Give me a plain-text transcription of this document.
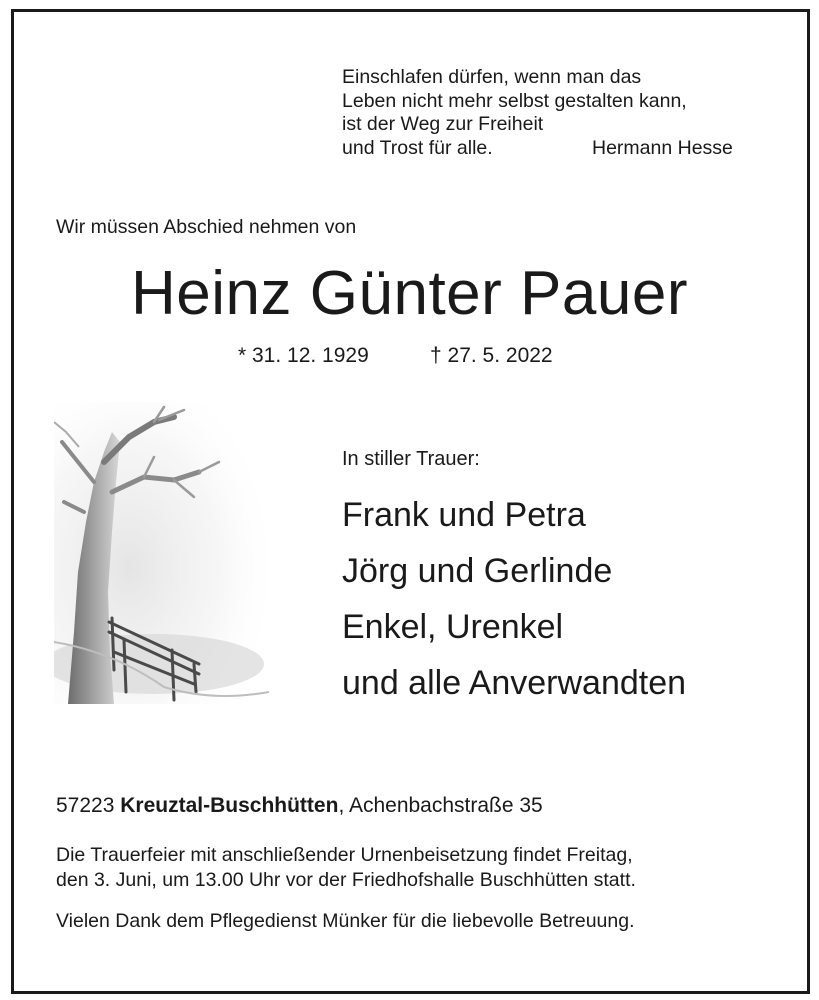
Einschlafen dürfen, wenn man das
Leben nicht mehr selbst gestalten kann,
ist der Weg zur Freiheit
und Trost für alle.	Hermann Hesse
Wir müssen Abschied nehmen von
Heinz Günter Pauer
* 31. 12. 1929	† 27. 5. 2022
In stiller Trauer:
Frank und Petra
Jörg und Gerlinde
Enkel, Urenkel
und alle Anverwandten
57223 Kreuztal-Buschhütten, Achenbachstraße 35
Die Trauerfeier mit anschließender Urnenbeisetzung findet Freitag,
den 3. Juni, um 13.00 Uhr vor der Friedhofshalle Buschhütten statt.
Vielen Dank dem Pflegedienst Münker für die liebevolle Betreuung.
